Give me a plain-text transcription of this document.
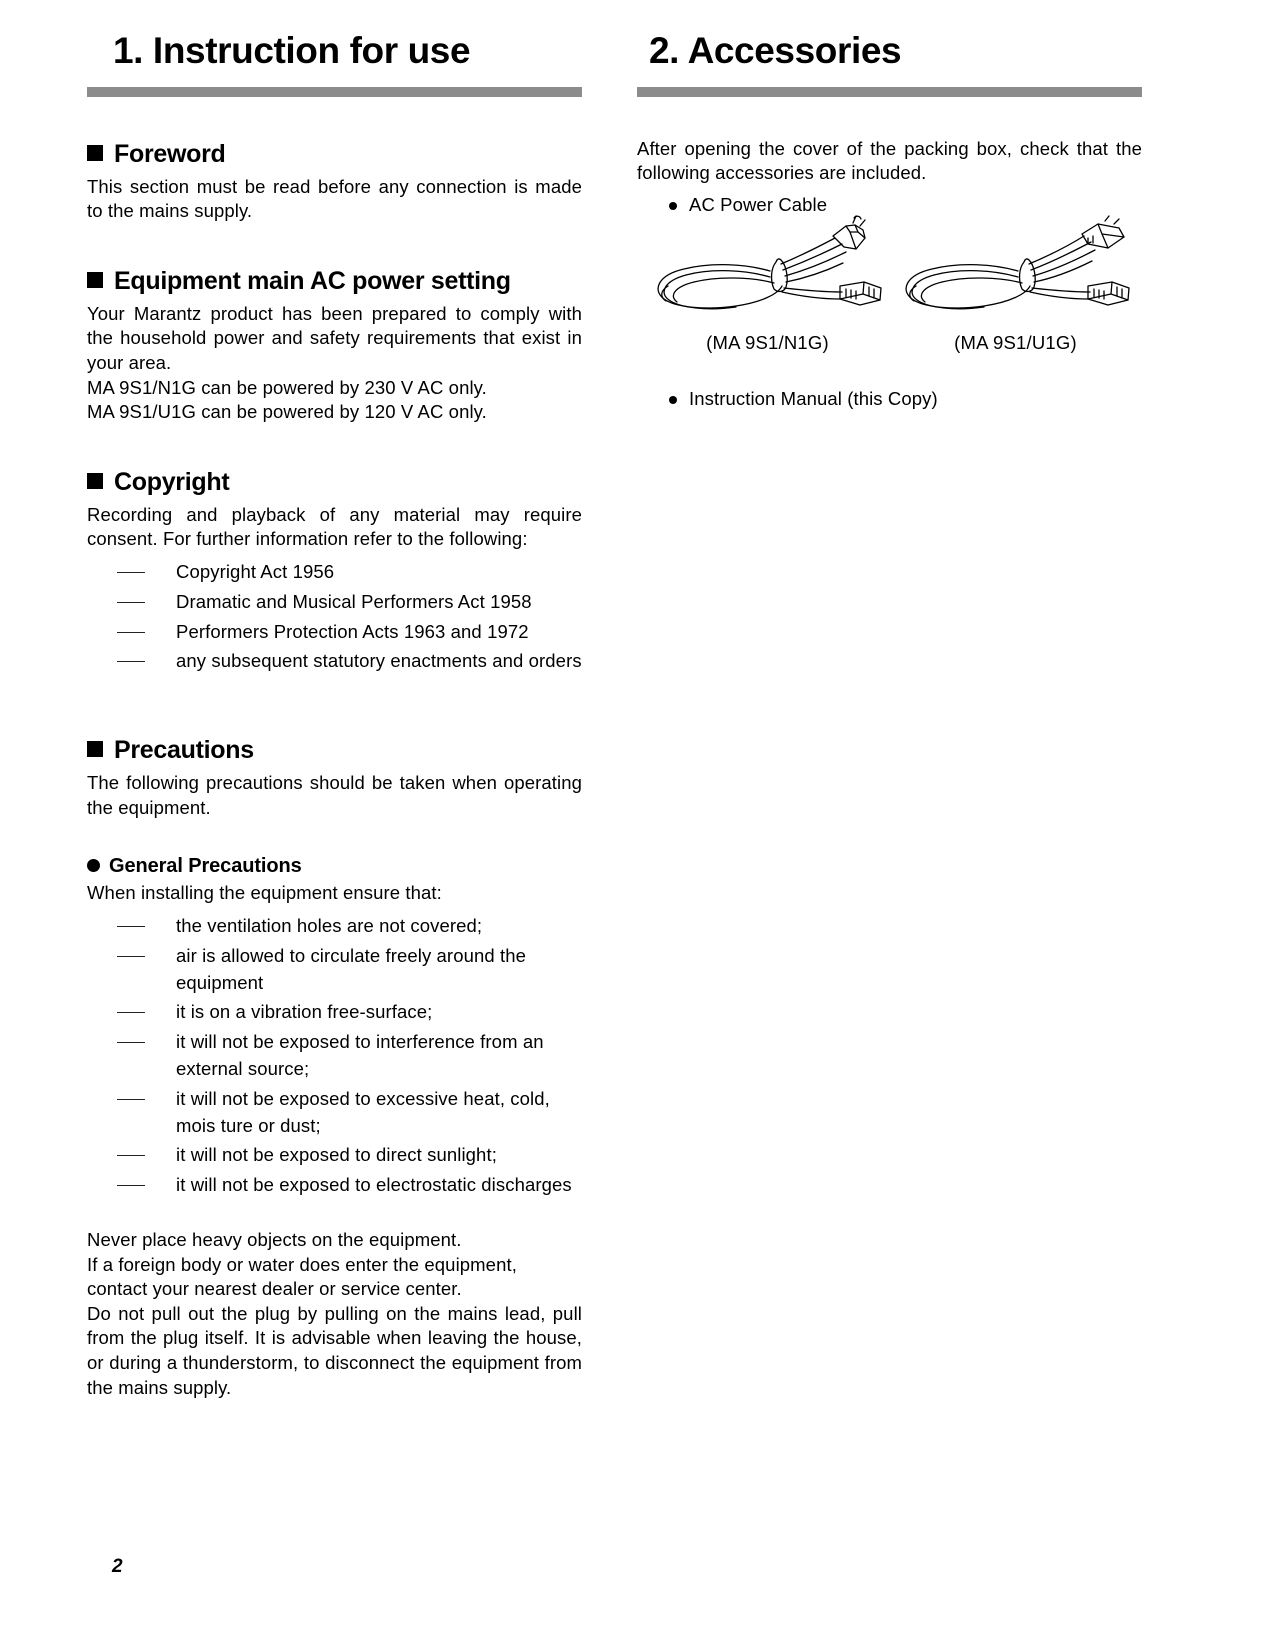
1. Instruction for use
Foreword

This section must be read before any connection is made to the mains supply.

Equipment main AC power setting

Your Marantz product has been prepared to comply with the household power and safety requirements that exist in your area.

MA 9S1/N1G can be powered by 230 V AC only.
MA 9S1/U1G can be powered by 120 V AC only.
Copyright

Recording and playback of any material may require consent. For further information refer to the following:

Copyright Act 1956
Dramatic and Musical Performers Act 1958
Performers Protection Acts 1963 and 1972
any subsequent statutory enactments and orders
Precautions

The following precautions should be taken when operating the equipment.

General Precautions

When installing the equipment ensure that:

the ventilation holes are not covered;
air is allowed to circulate freely around the equipment
it is on a vibration free-surface;
it will not be exposed to interference from an external source;
it will not be exposed to excessive heat, cold, mois ture or dust;
it will not be exposed to direct sunlight;
it will not be exposed to electrostatic discharges

Never place heavy objects on the equipment.

If a foreign body or water does enter the equipment, contact your nearest dealer or service center.

Do not pull out the plug by pulling on the mains lead, pull from the plug itself. It is advisable when leaving the house, or during a thunderstorm, to disconnect the equipment from the mains supply.

2. Accessories

After opening the cover of the packing box, check that the following accessories are included.

AC Power Cable
(MA 9S1/N1G)	(MA 9S1/U1G)
Instruction Manual (this Copy)
2
